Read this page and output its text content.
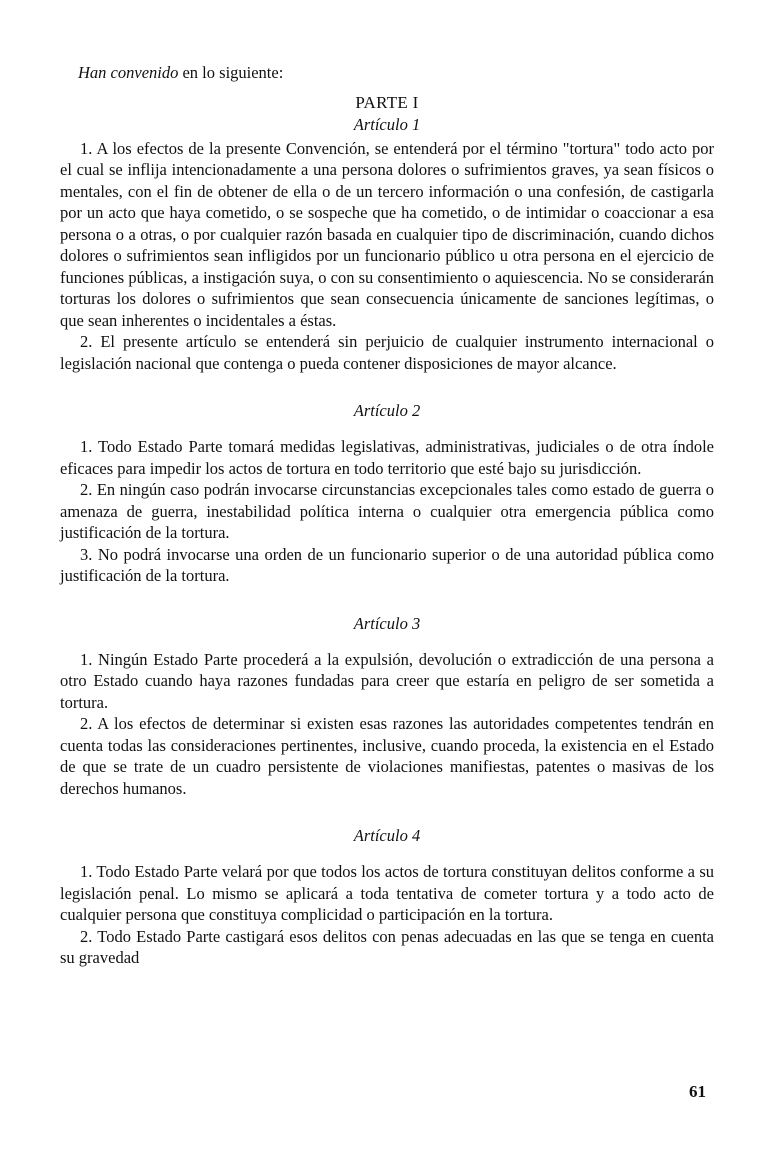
Han convenido en lo siguiente:

PARTE I
Artículo 1

1. A los efectos de la presente Convención, se entenderá por el término "tortura" todo acto por el cual se inflija intencionadamente a una persona dolores o sufrimientos graves, ya sean físicos o mentales, con el fin de obtener de ella o de un tercero información o una confesión, de castigarla por un acto que haya cometido, o se sospeche que ha cometido, o de intimidar o coaccionar a esa persona o a otras, o por cualquier razón basada en cualquier tipo de discriminación, cuando dichos dolores o sufrimientos sean infligidos por un funcionario público u otra persona en el ejercicio de funciones públicas, a instigación suya, o con su consentimiento o aquiescencia. No se considerarán torturas los dolores o sufrimientos que sean consecuencia únicamente de sanciones legítimas, o que sean inherentes o incidentales a éstas.

2. El presente artículo se entenderá sin perjuicio de cualquier instrumento internacional o legislación nacional que contenga o pueda contener disposiciones de mayor alcance.

Artículo 2

1. Todo Estado Parte tomará medidas legislativas, administrativas, judiciales o de otra índole eficaces para impedir los actos de tortura en todo territorio que esté bajo su jurisdicción.

2. En ningún caso podrán invocarse circunstancias excepcionales tales como estado de guerra o amenaza de guerra, inestabilidad política interna o cualquier otra emergencia pública como justificación de la tortura.

3. No podrá invocarse una orden de un funcionario superior o de una autoridad pública como justificación de la tortura.

Artículo 3

1. Ningún Estado Parte procederá a la expulsión, devolución o extradicción de una persona a otro Estado cuando haya razones fundadas para creer que estaría en peligro de ser sometida a tortura.

2. A los efectos de determinar si existen esas razones las autoridades competentes tendrán en cuenta todas las consideraciones pertinentes, inclusive, cuando proceda, la existencia en el Estado de que se trate de un cuadro persistente de violaciones manifiestas, patentes o masivas de los derechos humanos.

Artículo 4

1. Todo Estado Parte velará por que todos los actos de tortura constituyan delitos conforme a su legislación penal. Lo mismo se aplicará a toda tentativa de cometer tortura y a todo acto de cualquier persona que constituya complicidad o participación en la tortura.

2. Todo Estado Parte castigará esos delitos con penas adecuadas en las que se tenga en cuenta su gravedad

61
